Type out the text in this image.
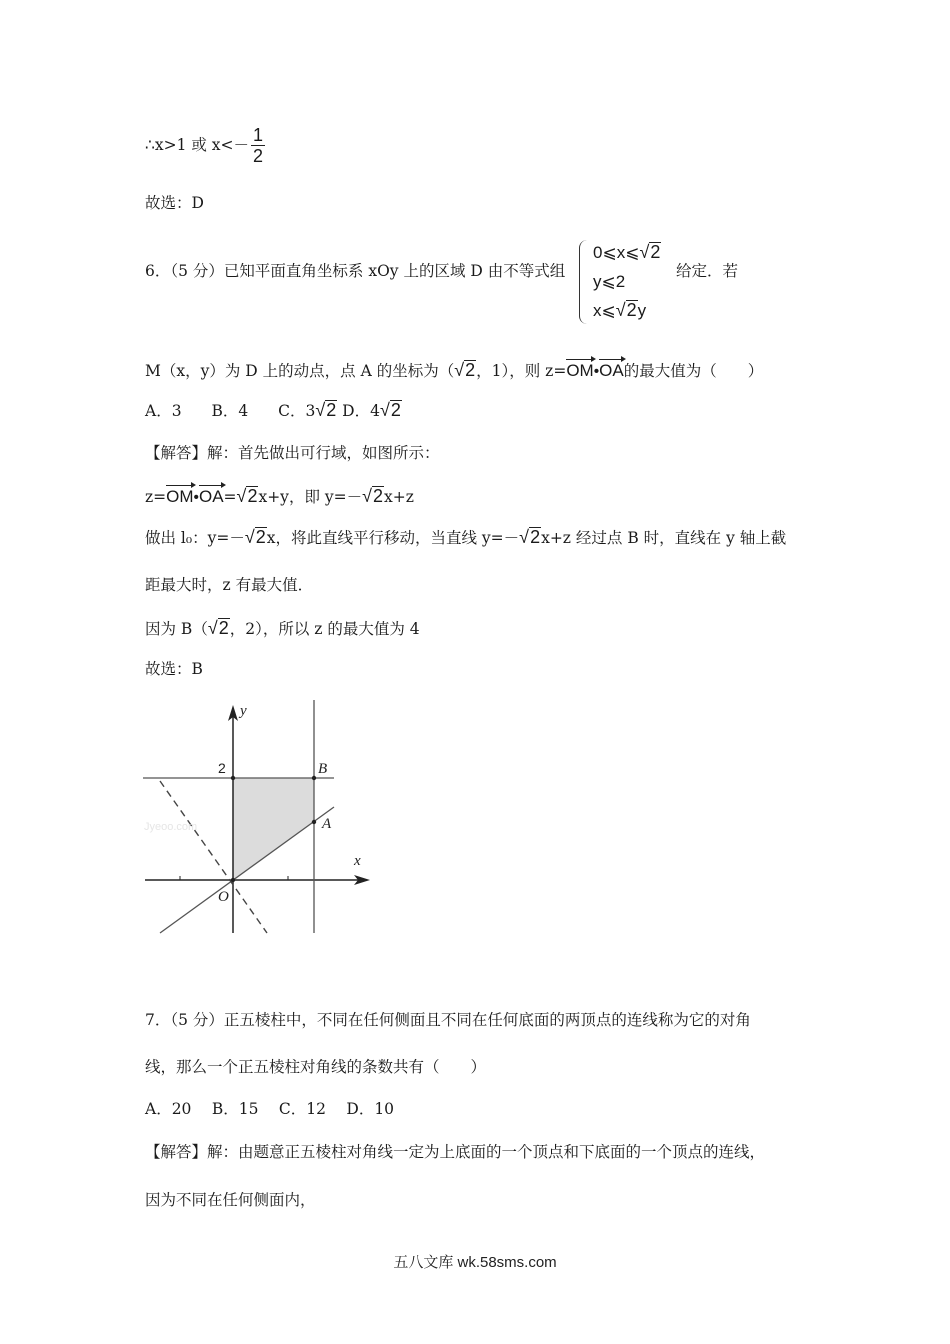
∴x>1 或 $x<- \frac{1}{2}$
故选：D
6．（5 分）已知平面直角坐标系 xOy 上的区域 D 由不等式组
0⩽x⩽√2
y⩽2
x⩽√2y
给定．若
M（x，y）为 D 上的动点，点 A 的坐标为（√2，1），则 z=OM•OA的最大值为（　　）
A．3 B．4 C．3√2 D．4√2
【解答】解：首先做出可行域，如图所示：
z=OM•OA=√2x+y，即 y=－√2x+z
做出 l₀：y=－√2x，将此直线平行移动，当直线 y=－√2x+z 经过点 B 时，直线在 y 轴上截
距最大时，z 有最大值．
因为 B（√2，2），所以 z 的最大值为 4
故选：B
y
x
2	B
A
O
Jyeoo.com
7．（5 分）正五棱柱中，不同在任何侧面且不同在任何底面的两顶点的连线称为它的对角
线，那么一个正五棱柱对角线的条数共有（　　）
A．20　 B．15　 C．12　 D．10
【解答】解：由题意正五棱柱对角线一定为上底面的一个顶点和下底面的一个顶点的连线，
因为不同在任何侧面内，
五八文库 wk.58sms.com
